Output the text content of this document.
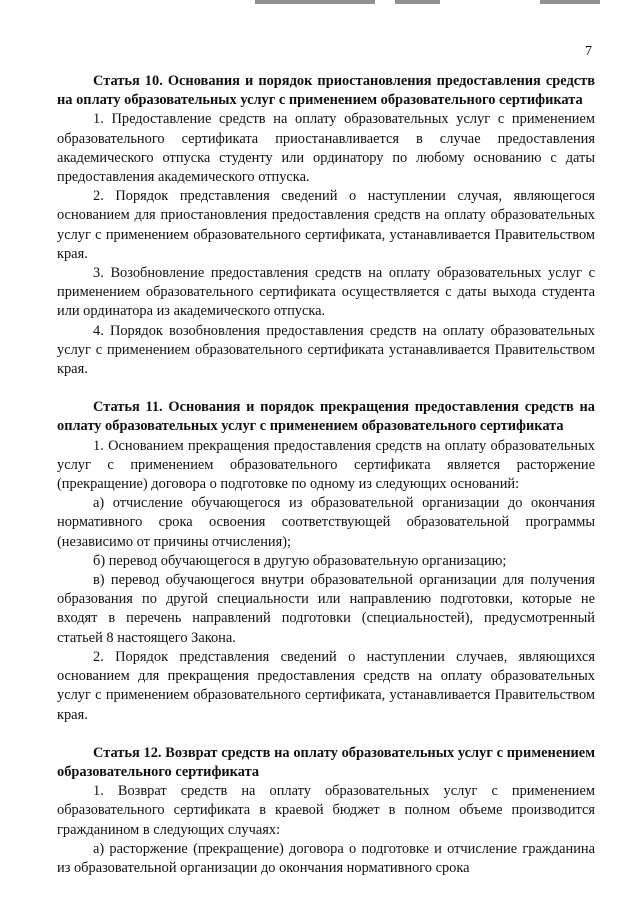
7

Статья 10. Основания и порядок приостановления предоставления средств на оплату образовательных услуг с применением образовательного сертификата

1. Предоставление средств на оплату образовательных услуг с применением образовательного сертификата приостанавливается в случае предоставления академического отпуска студенту или ординатору по любому основанию с даты предоставления академического отпуска.

2. Порядок представления сведений о наступлении случая, являющегося основанием для приостановления предоставления средств на оплату образовательных услуг с применением образовательного сертификата, устанавливается Правительством края.

3. Возобновление предоставления средств на оплату образовательных услуг с применением образовательного сертификата осуществляется с даты выхода студента или ординатора из академического отпуска.

4. Порядок возобновления предоставления средств на оплату образовательных услуг с применением образовательного сертификата устанавливается Правительством края.

Статья 11. Основания и порядок прекращения предоставления средств на оплату образовательных услуг с применением образовательного сертификата

1. Основанием прекращения предоставления средств на оплату образовательных услуг с применением образовательного сертификата является расторжение (прекращение) договора о подготовке по одному из следующих оснований:

а) отчисление обучающегося из образовательной организации до окончания нормативного срока освоения соответствующей образовательной программы (независимо от причины отчисления);

б) перевод обучающегося в другую образовательную организацию;

в) перевод обучающегося внутри образовательной организации для получения образования по другой специальности или направлению подготовки, которые не входят в перечень направлений подготовки (специальностей), предусмотренный статьей 8 настоящего Закона.

2. Порядок представления сведений о наступлении случаев, являющихся основанием для прекращения предоставления средств на оплату образовательных услуг с применением образовательного сертификата, устанавливается Правительством края.

Статья 12. Возврат средств на оплату образовательных услуг с применением образовательного сертификата

1. Возврат средств на оплату образовательных услуг с применением образовательного сертификата в краевой бюджет в полном объеме производится гражданином в следующих случаях:

а) расторжение (прекращение) договора о подготовке и отчисление гражданина из образовательной организации до окончания нормативного срока
